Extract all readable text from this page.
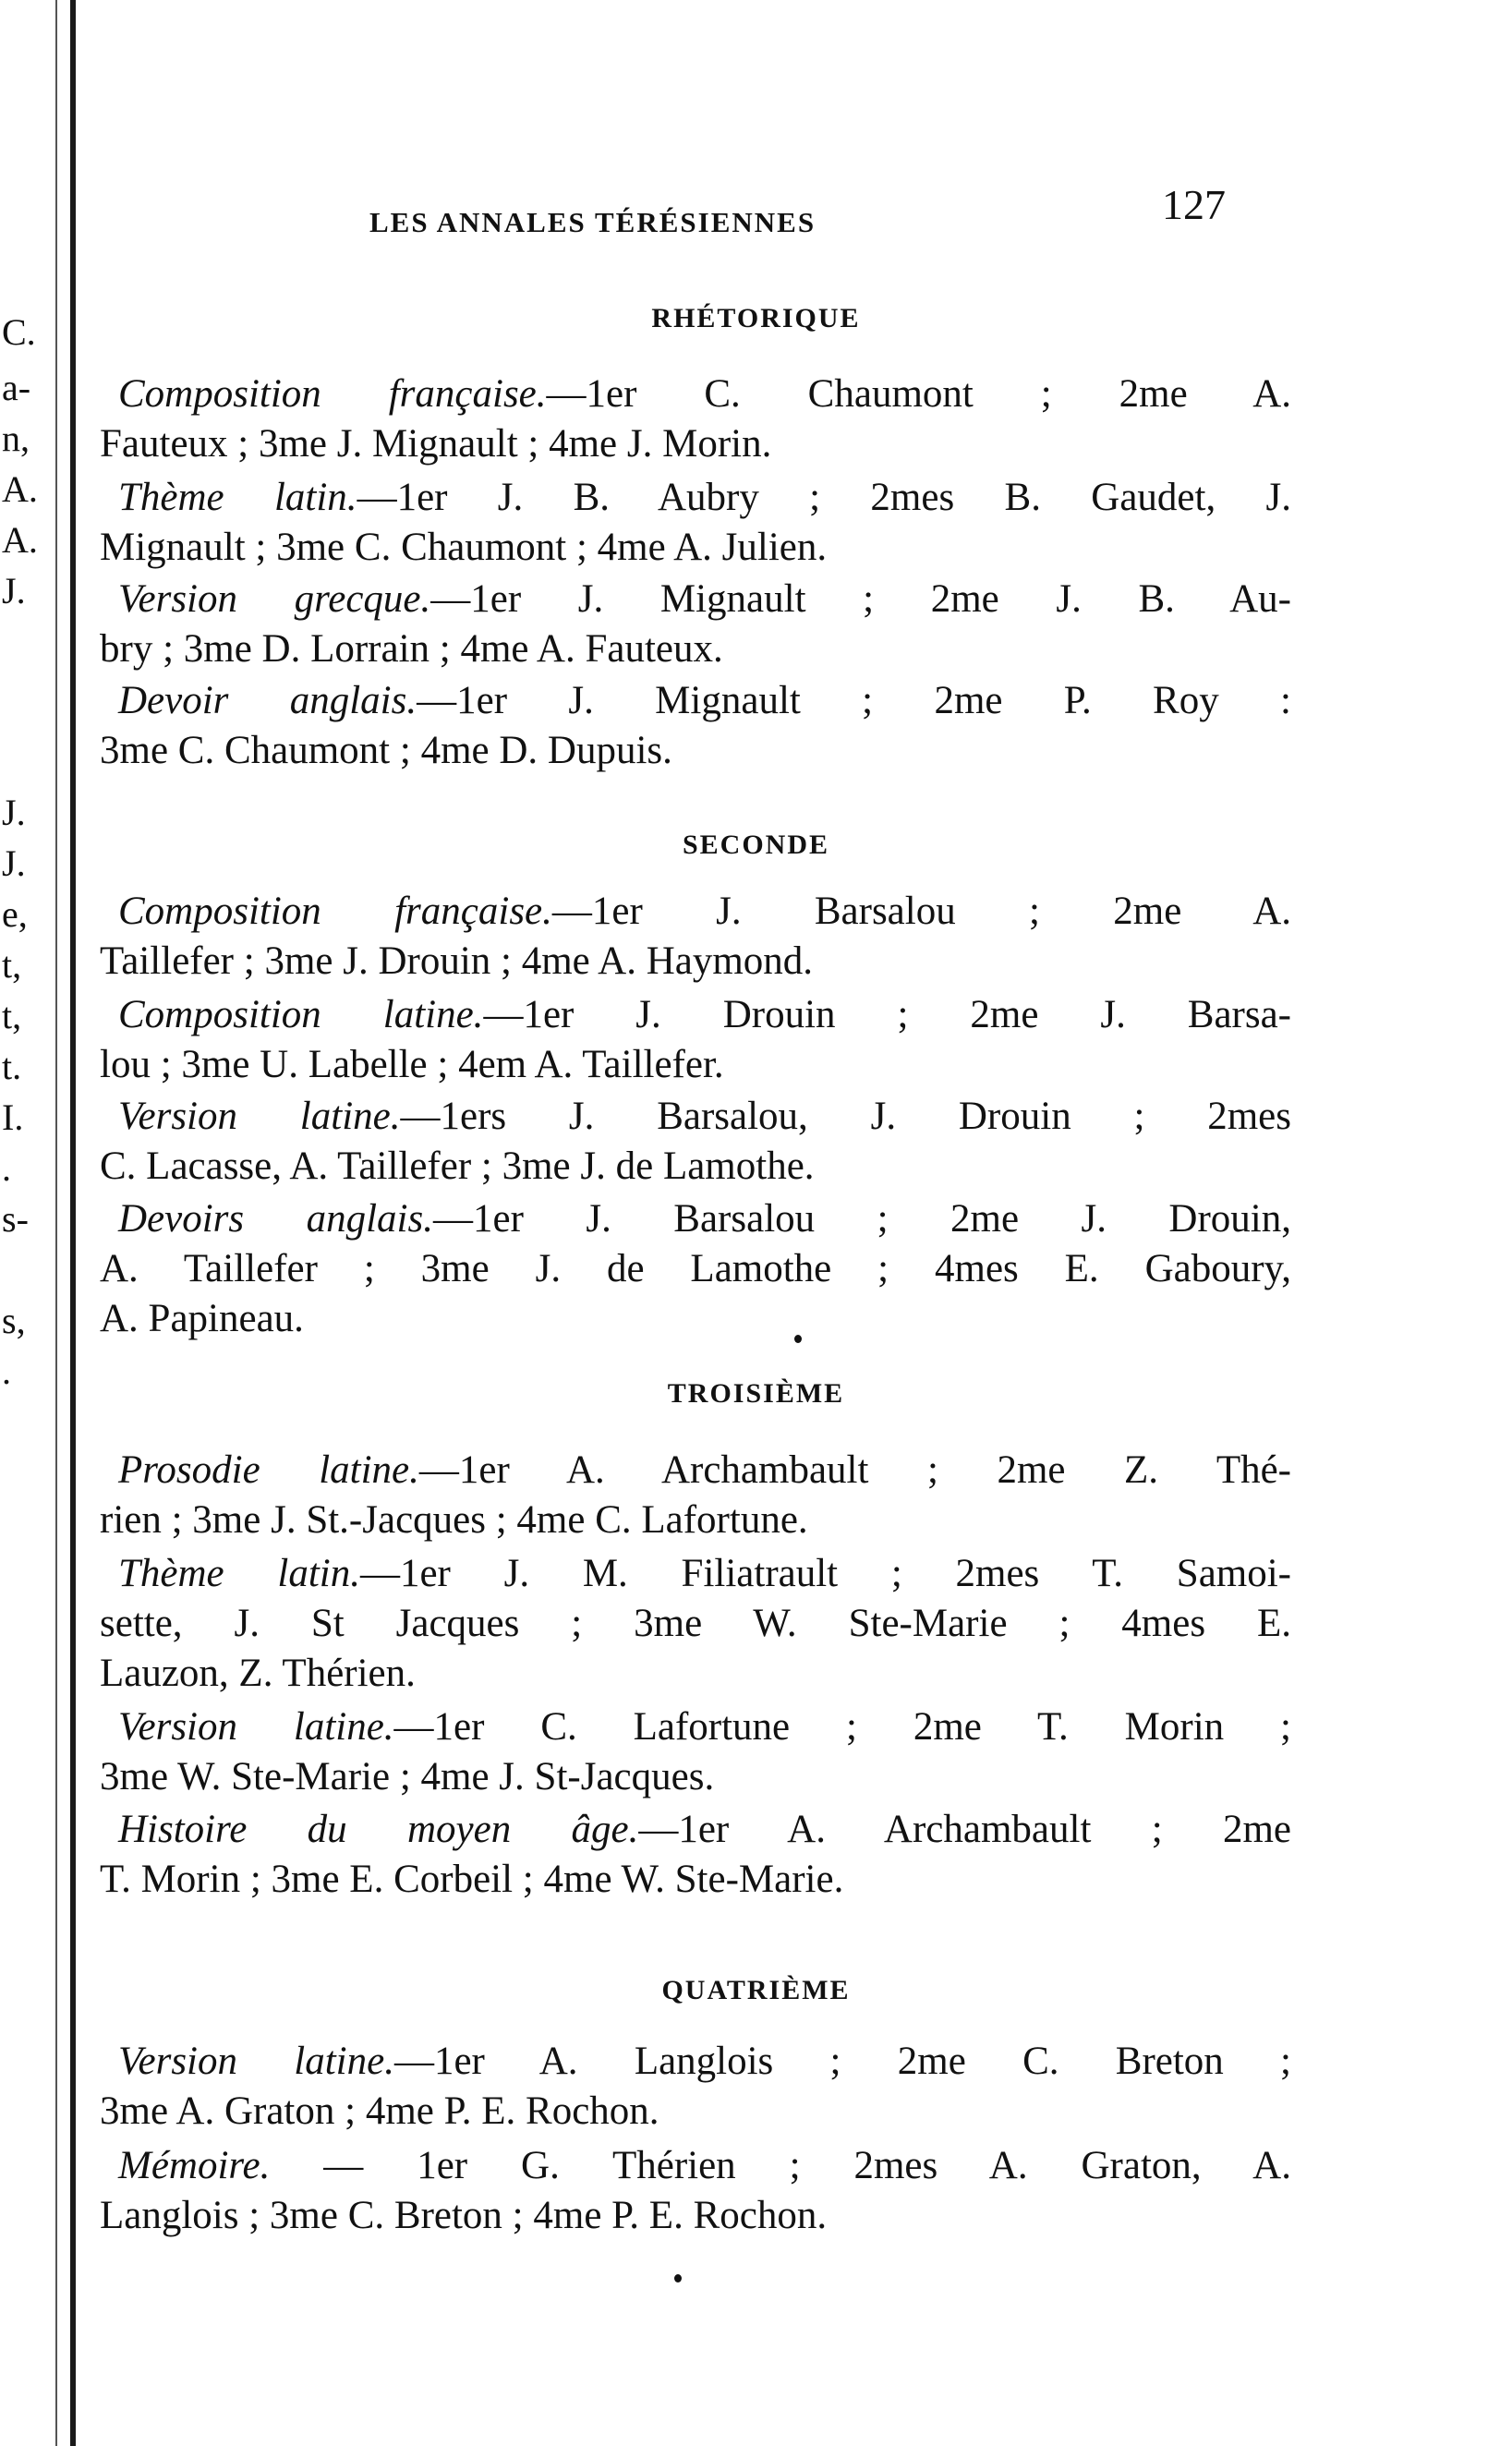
C.
a-
n,
A.
A.
J.
J.
J.
e,
t,
t,
t.
I.
.
s-
s,
.
LES ANNALES TÉRÉSIENNES	127
RHÉTORIQUE
Composition française.—1er C. Chaumont ; 2me A.
Fauteux ; 3me J. Mignault ; 4me J. Morin.
Thème latin.—1er J. B. Aubry ; 2mes B. Gaudet, J.
Mignault ; 3me C. Chaumont ; 4me A. Julien.
Version grecque.—1er J. Mignault ; 2me J. B. Au-
bry ; 3me D. Lorrain ; 4me A. Fauteux.
Devoir anglais.—1er J. Mignault ; 2me P. Roy :
3me C. Chaumont ; 4me D. Dupuis.
SECONDE
Composition française.—1er J. Barsalou ; 2me A.
Taillefer ; 3me J. Drouin ; 4me A. Haymond.
Composition latine.—1er J. Drouin ; 2me J. Barsa-
lou ; 3me U. Labelle ; 4em A. Taillefer.
Version latine.—1ers J. Barsalou, J. Drouin ; 2mes
C. Lacasse, A. Taillefer ; 3me J. de Lamothe.
Devoirs anglais.—1er J. Barsalou ; 2me J. Drouin,
A. Taillefer ; 3me J. de Lamothe ; 4mes E. Gaboury,
A. Papineau.
TROISIÈME
Prosodie latine.—1er A. Archambault ; 2me Z. Thé-
rien ; 3me J. St.-Jacques ; 4me C. Lafortune.
Thème latin.—1er J. M. Filiatrault ; 2mes T. Samoi-
sette, J. St Jacques ; 3me W. Ste-Marie ; 4mes E.
Lauzon, Z. Thérien.
Version latine.—1er C. Lafortune ; 2me T. Morin ;
3me W. Ste-Marie ; 4me J. St-Jacques.
Histoire du moyen âge.—1er A. Archambault ; 2me
T. Morin ; 3me E. Corbeil ; 4me W. Ste-Marie.
QUATRIÈME
Version latine.—1er A. Langlois ; 2me C. Breton ;
3me A. Graton ; 4me P. E. Rochon.
Mémoire. — 1er G. Thérien ; 2mes A. Graton, A.
Langlois ; 3me C. Breton ; 4me P. E. Rochon.
